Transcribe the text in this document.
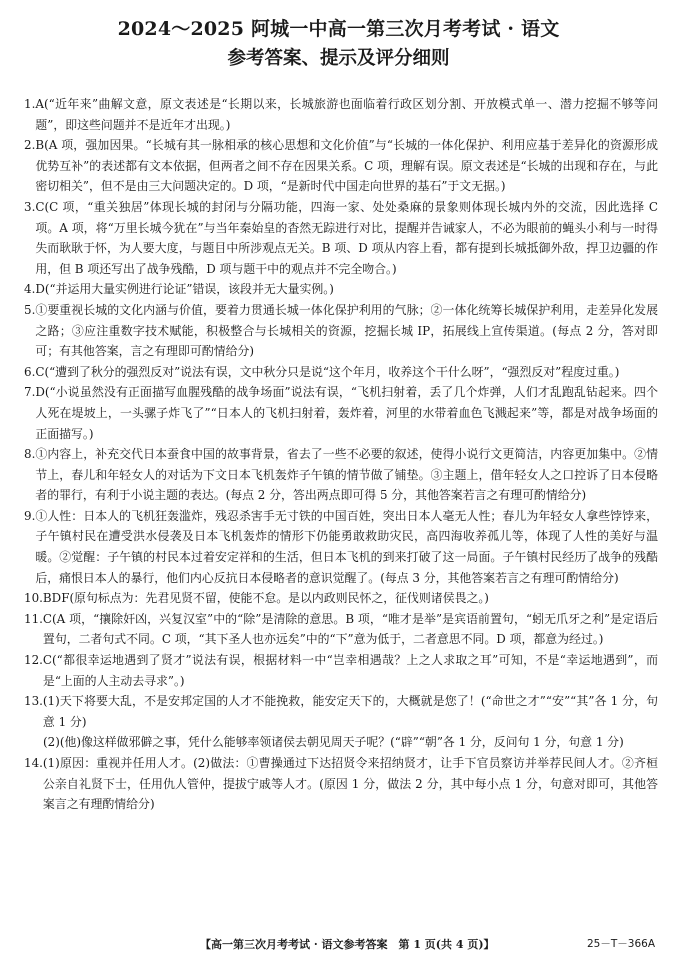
2024～2025 阿城一中高一第三次月考考试 · 语文
参考答案、提示及评分细则
1. A(“近年来”曲解文意，原文表述是“长期以来，长城旅游也面临着行政区划分割、开放模式单一、潜力挖掘不够等问题”，即这些问题并不是近年才出现。)
2. B(A 项，强加因果。“长城有其一脉相承的核心思想和文化价值”与“长城的一体化保护、利用应基于差异化的资源形成优势互补”的表述都有文本依据，但两者之间不存在因果关系。C 项，理解有误。原文表述是“长城的出现和存在，与此密切相关”，但不是由三大问题决定的。D 项，“是新时代中国走向世界的基石”于文无据。)
3. C(C 项，“重关独居”体现长城的封闭与分隔功能，四海一家、处处桑麻的景象则体现长城内外的交流，因此选择 C 项。A 项，将“万里长城今犹在”与当年秦始皇的杳然无踪进行对比，提醒并告诫家人，不必为眼前的蝇头小利与一时得失而耿耿于怀，为人要大度，与题目中所涉观点无关。B 项、D 项从内容上看，都有提到长城抵御外敌，捍卫边疆的作用，但 B 项还写出了战争残酷，D 项与题干中的观点并不完全吻合。)
4. D(“并运用大量实例进行论证”错误，该段并无大量实例。)
5. ①要重视长城的文化内涵与价值，要着力贯通长城一体化保护利用的气脉；②一体化统筹长城保护利用，走差异化发展之路；③应注重数字技术赋能，积极整合与长城相关的资源，挖掘长城 IP，拓展线上宣传渠道。(每点 2 分，答对即可；有其他答案，言之有理即可酌情给分)
6. C(“遭到了秋分的强烈反对”说法有误，文中秋分只是说“这个年月，收养这个干什么呀”，“强烈反对”程度过重。)
7. D(“小说虽然没有正面描写血腥残酷的战争场面”说法有误，“飞机扫射着，丢了几个炸弹，人们才乱跑乱钻起来。四个人死在堤坡上，一头骡子炸飞了”“日本人的飞机扫射着，轰炸着，河里的水带着血色飞溅起来”等，都是对战争场面的正面描写。)
8. ①内容上，补充交代日本蚕食中国的故事背景，省去了一些不必要的叙述，使得小说行文更简洁，内容更加集中。②情节上，春儿和年轻女人的对话为下文日本飞机轰炸子午镇的情节做了铺垫。③主题上，借年轻女人之口控诉了日本侵略者的罪行，有利于小说主题的表达。(每点 2 分，答出两点即可得 5 分，其他答案若言之有理可酌情给分)
9. ①人性：日本人的飞机狂轰滥炸，残忍杀害手无寸铁的中国百姓，突出日本人毫无人性；春儿为年轻女人拿些饽饽来，子午镇村民在遭受洪水侵袭及日本飞机轰炸的情形下仍能勇敢救助灾民，高四海收养孤儿等，体现了人性的美好与温暖。②觉醒：子午镇的村民本过着安定祥和的生活，但日本飞机的到来打破了这一局面。子午镇村民经历了战争的残酷后，痛恨日本人的暴行，他们内心反抗日本侵略者的意识觉醒了。(每点 3 分，其他答案若言之有理可酌情给分)
10. BDF(原句标点为：先君见贤不留，使能不怠。是以内政则民怀之，征伐则诸侯畏之。)
11. C(A 项，“攘除奸凶，兴复汉室”中的“除”是清除的意思。B 项，“唯才是举”是宾语前置句，“蚓无爪牙之利”是定语后置句，二者句式不同。C 项，“其下圣人也亦远矣”中的“下”意为低于，二者意思不同。D 项，都意为经过。)
12. C(“都很幸运地遇到了贤才”说法有误，根据材料一中“岂幸相遇哉？上之人求取之耳”可知，不是“幸运地遇到”，而是“上面的人主动去寻求”。)
13. (1)天下将要大乱，不是安邦定国的人才不能挽救，能安定天下的，大概就是您了！(“命世之才”“安”“其”各 1 分，句意 1 分)
(2)(他)像这样做邪僻之事，凭什么能够率领诸侯去朝见周天子呢？(“辟”“朝”各 1 分，反问句 1 分，句意 1 分)
14. (1)原因：重视并任用人才。(2)做法：①曹操通过下达招贤令来招纳贤才，让手下官员察访并举荐民间人才。②齐桓公亲自礼贤下士，任用仇人管仲，提拔宁戚等人才。(原因 1 分，做法 2 分，其中每小点 1 分，句意对即可，其他答案言之有理酌情给分)
【高一第三次月考考试 · 语文参考答案　第 1 页(共 4 页)】	25－T－366A
